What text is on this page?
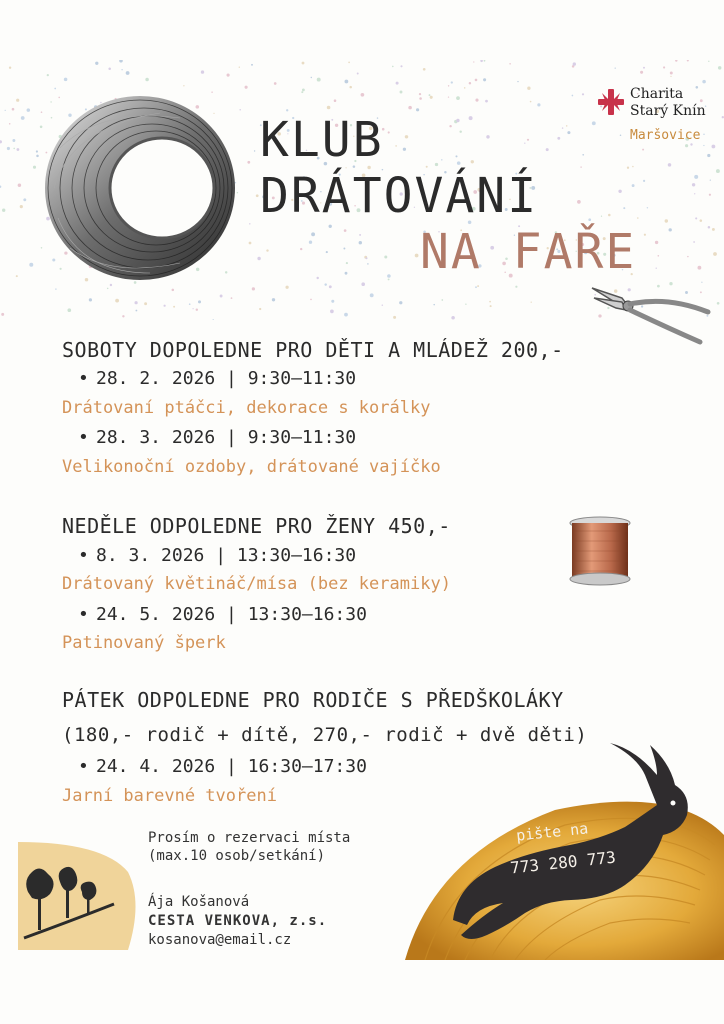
KLUB
DRÁTOVÁNÍ
NA FAŘE
Charita
Starý Knín
Maršovice
SOBOTY DOPOLEDNE PRO DĚTI A MLÁDEŽ 200,-
• 28. 2. 2026 | 9:30–11:30
Drátovaní ptáčci, dekorace s korálky
• 28. 3. 2026 | 9:30–11:30
Velikonoční ozdoby, drátované vajíčko
NEDĚLE ODPOLEDNE PRO ŽENY 450,-
• 8. 3. 2026 | 13:30–16:30
Drátovaný květináč/mísa (bez keramiky)
• 24. 5. 2026 | 13:30–16:30
Patinovaný šperk
PÁTEK ODPOLEDNE PRO RODIČE S PŘEDŠKOLÁKY
(180,- rodič + dítě, 270,- rodič + dvě děti)
• 24. 4. 2026 | 16:30–17:30
Jarní barevné tvoření
pište na
773 280 773
Prosím o rezervaci místa
(max.10 osob/setkání)
Ája Košanová
CESTA VENKOVA, z.s.
kosanova@email.cz
